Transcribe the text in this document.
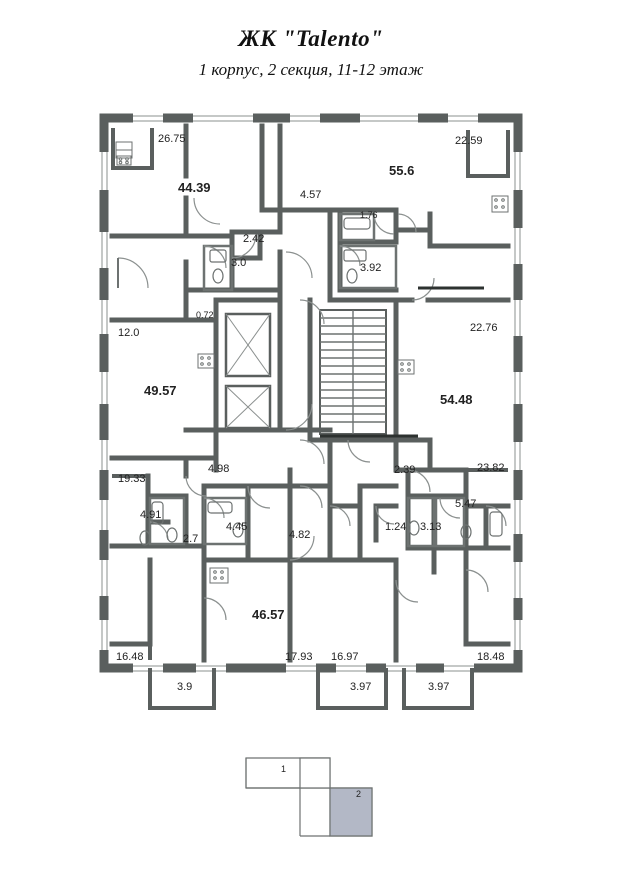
ЖК "Talento"
1 корпус, 2 секция, 11-12 этаж
26.75
44.39
22.59
55.6
4.57
1.76
2.42
3.0	3.92
0.72
12.0	22.76
49.57
54.48
4.98	2.39	23.82
19.33
5.47
4.91
4.45
4.82
1.24 3.13
2.7
46.57
16.48	17.93 16.97	18.48
3.9	3.97	3.97
1
2
